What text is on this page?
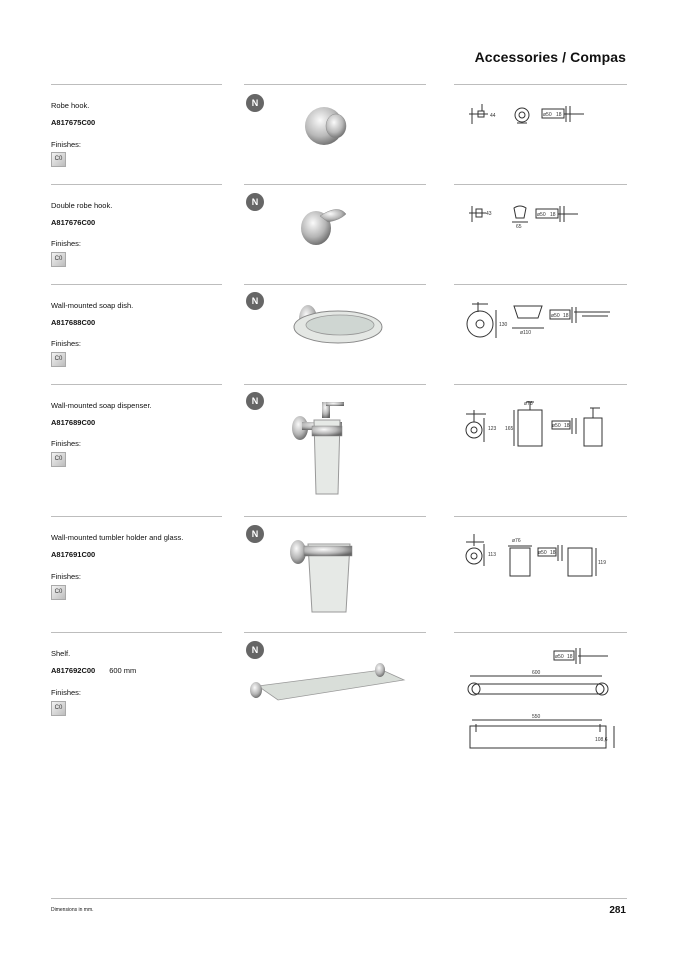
Accessories / Compas
Robe hook.
A817675C00
Finishes:
C0
N
44	ø50 18
Double robe hook.
A817676C00
Finishes:
C0
N
43
65
ø50 18
Wall-mounted soap dish.
A817688C00
Finishes:
C0
N
130
ø110
ø50 18
Wall-mounted soap dispenser.
A817689C00
Finishes:
C0
N
123
ø76
165	ø50 18
Wall-mounted tumbler holder and glass.
A817691C00
Finishes:
C0
N
113
ø76
ø50 18
119
Shelf.
A817692C00 600 mm
Finishes:
C0
N
ø50 18
600
550
108,6
Dimensions in mm.	281
